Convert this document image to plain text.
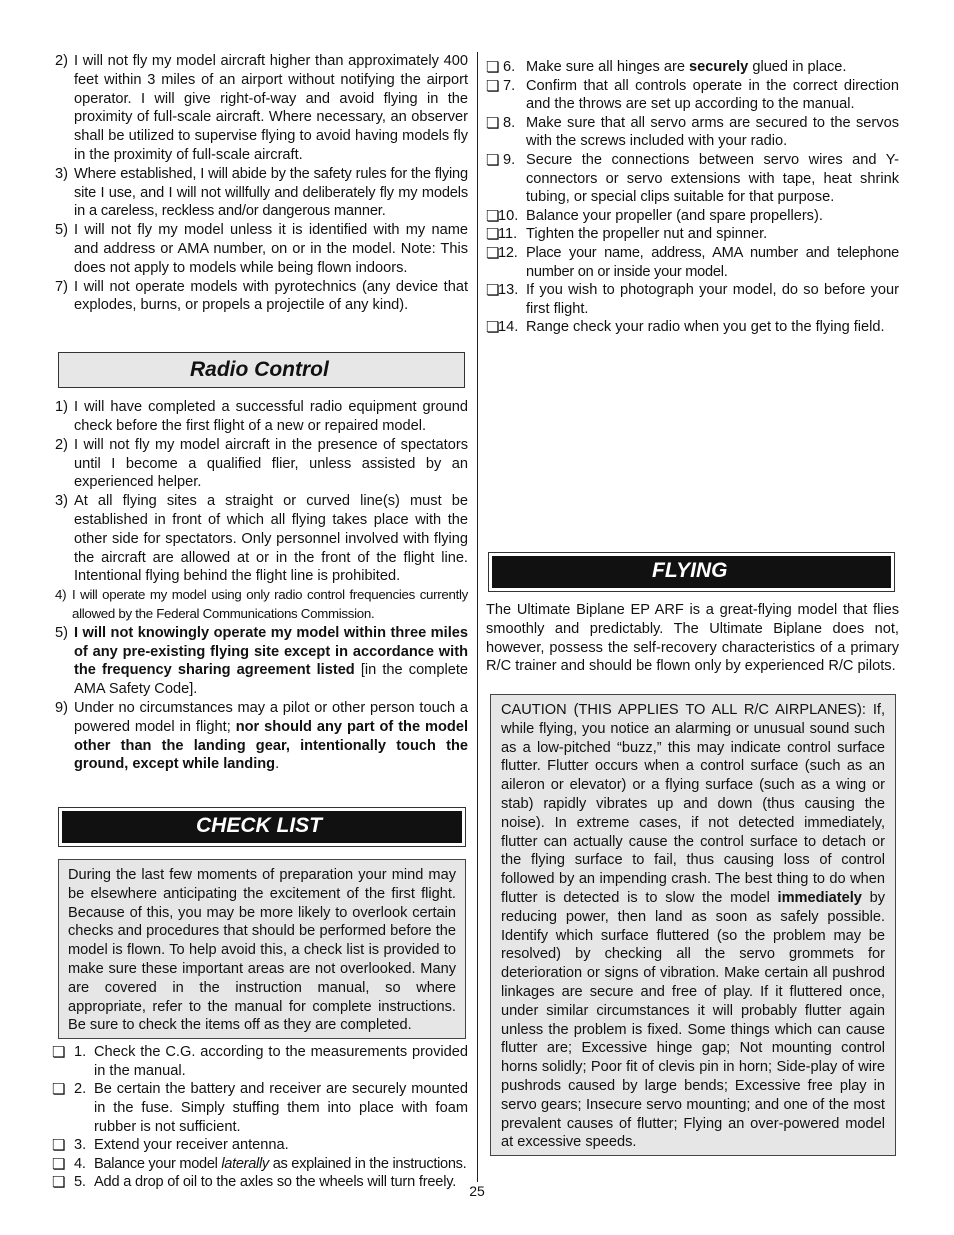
2) I will not fly my model aircraft higher than approximately 400 feet within 3 miles of an airport without notifying the airport operator. I will give right-of-way and avoid flying in the proximity of full-scale aircraft. Where necessary, an observer shall be utilized to supervise flying to avoid having models fly in the proximity of full-scale aircraft.

3) Where established, I will abide by the safety rules for the flying site I use, and I will not willfully and deliberately fly my models in a careless, reckless and/or dangerous manner.

5) I will not fly my model unless it is identified with my name and address or AMA number, on or in the model. Note: This does not apply to models while being flown indoors.

7) I will not operate models with pyrotechnics (any device that explodes, burns, or propels a projectile of any kind).

Radio Control
1) I will have completed a successful radio equipment ground check before the first flight of a new or repaired model.

2) I will not fly my model aircraft in the presence of spectators until I become a qualified flier, unless assisted by an experienced helper.

3) At all flying sites a straight or curved line(s) must be established in front of which all flying takes place with the other side for spectators. Only personnel involved with flying the aircraft are allowed at or in the front of the flight line. Intentional flying behind the flight line is prohibited.

4) I will operate my model using only radio control frequencies currently allowed by the Federal Communications Commission.

5) I will not knowingly operate my model within three miles of any pre-existing flying site except in accordance with the frequency sharing agreement listed [in the complete AMA Safety Code].

9) Under no circumstances may a pilot or other person touch a powered model in flight; nor should any part of the model other than the landing gear, intentionally touch the ground, except while landing.

CHECK LIST

During the last few moments of preparation your mind may be elsewhere anticipating the excitement of the first flight. Because of this, you may be more likely to overlook certain checks and procedures that should be performed before the model is flown. To help avoid this, a check list is provided to make sure these important areas are not overlooked. Many are covered in the instruction manual, so where appropriate, refer to the manual for complete instructions. Be sure to check the items off as they are completed.

❏ 1. Check the C.G. according to the measurements provided in the manual.

❏ 2. Be certain the battery and receiver are securely mounted in the fuse. Simply stuffing them into place with foam rubber is not sufficient.

❏ 3. Extend your receiver antenna.

❏ 4. Balance your model laterally as explained in the instructions.

❏ 5. Add a drop of oil to the axles so the wheels will turn freely.

❏ 6. Make sure all hinges are securely glued in place.

❏ 7. Confirm that all controls operate in the correct direction and the throws are set up according to the manual.

❏ 8. Make sure that all servo arms are secured to the servos with the screws included with your radio.

❏ 9. Secure the connections between servo wires and Y-connectors or servo extensions with tape, heat shrink tubing, or special clips suitable for that purpose.

❏
10. Balance your propeller (and spare propellers).

❏
11. Tighten the propeller nut and spinner.

❏
12. Place your name, address, AMA number and telephone number on or inside your model.

❏
13. If you wish to photograph your model, do so before your first flight.

❏
14. Range check your radio when you get to the flying field.

FLYING

The Ultimate Biplane EP ARF is a great-flying model that flies smoothly and predictably. The Ultimate Biplane does not, however, possess the self-recovery characteristics of a primary R/C trainer and should be flown only by experienced R/C pilots.

CAUTION (THIS APPLIES TO ALL R/C AIRPLANES): If, while flying, you notice an alarming or unusual sound such as a low-pitched “buzz,” this may indicate control surface flutter. Flutter occurs when a control surface (such as an aileron or elevator) or a flying surface (such as a wing or stab) rapidly vibrates up and down (thus causing the noise). In extreme cases, if not detected immediately, flutter can actually cause the control surface to detach or the flying surface to fail, thus causing loss of control followed by an impending crash. The best thing to do when flutter is detected is to slow the model immediately by reducing power, then land as soon as safely possible. Identify which surface fluttered (so the problem may be resolved) by checking all the servo grommets for deterioration or signs of vibration. Make certain all pushrod linkages are secure and free of play. If it fluttered once, under similar circumstances it will probably flutter again unless the problem is fixed. Some things which can cause flutter are; Excessive hinge gap; Not mounting control horns solidly; Poor fit of clevis pin in horn; Side-play of wire pushrods caused by large bends; Excessive free play in servo gears; Insecure servo mounting; and one of the most prevalent causes of flutter; Flying an over-powered model at excessive speeds.

25
